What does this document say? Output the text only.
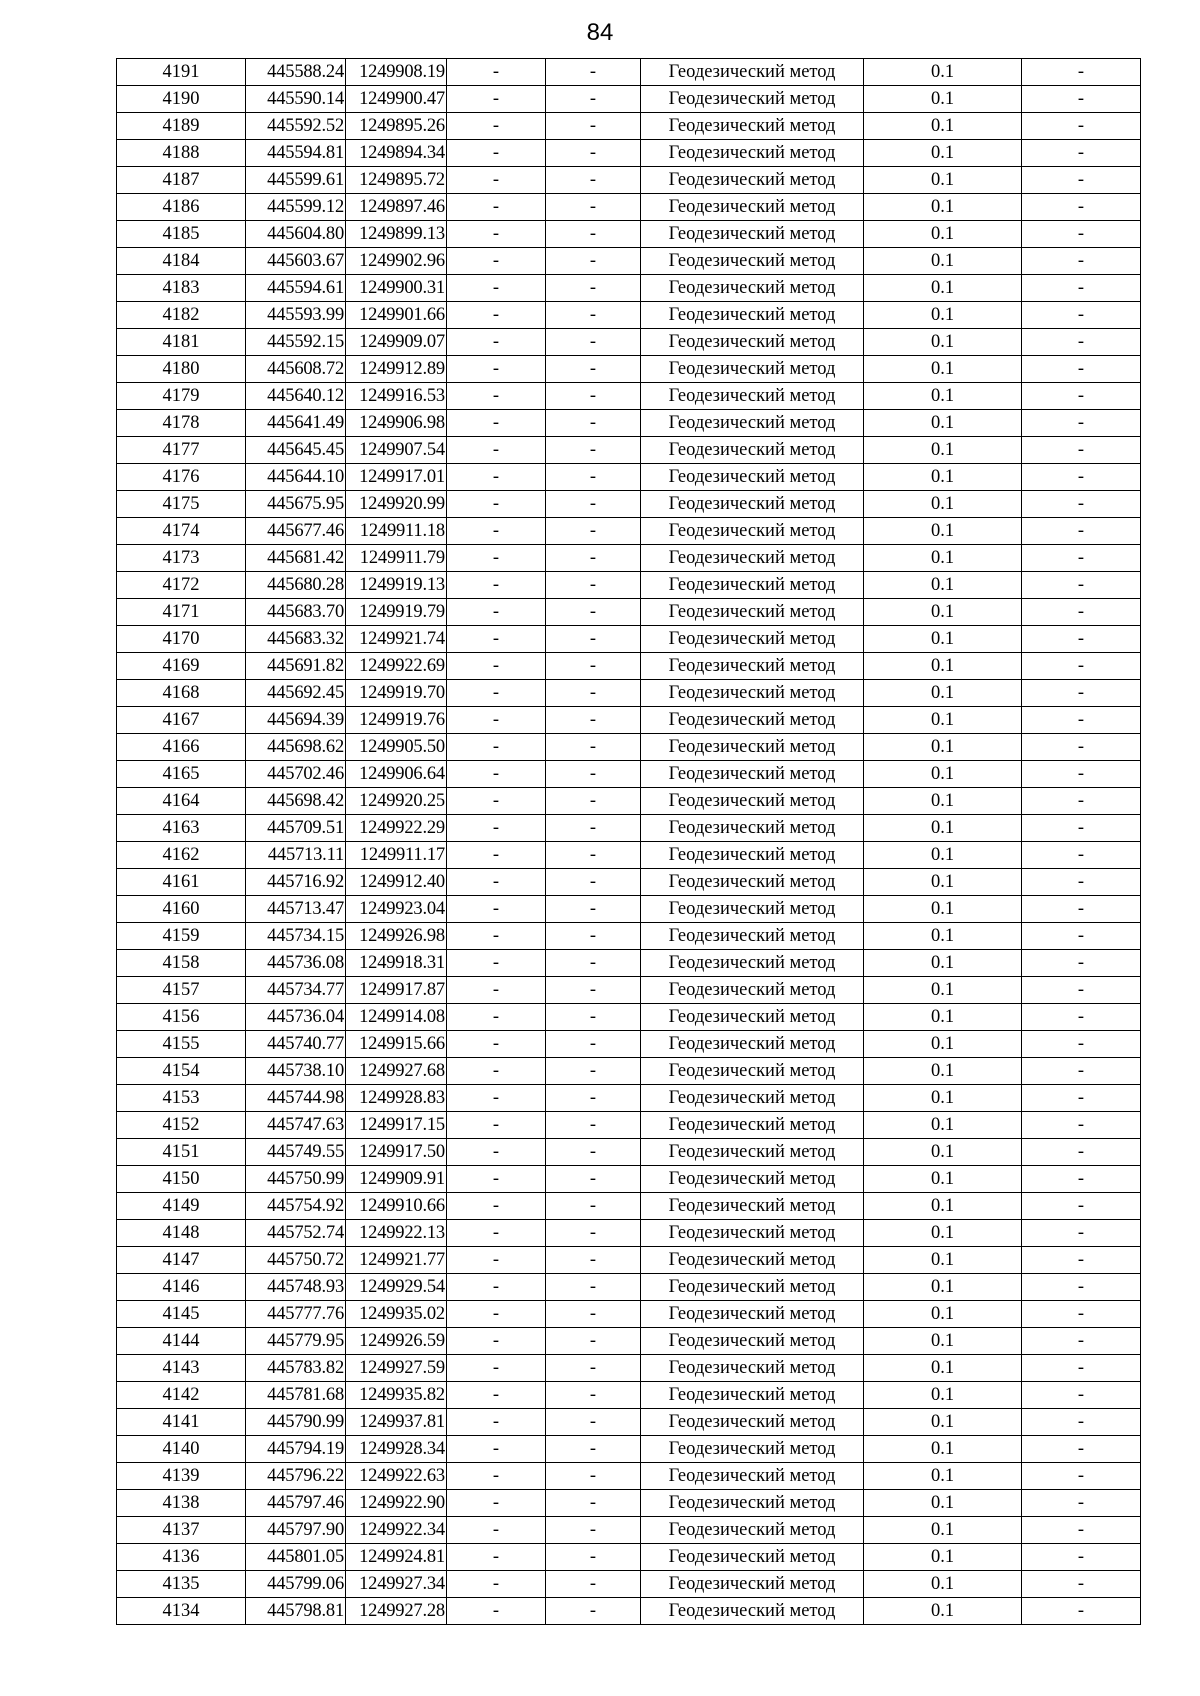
84
4191	445588.24	1249908.19	-	-	Геодезический метод	0.1	-
4190	445590.14	1249900.47	-	-	Геодезический метод	0.1	-
4189	445592.52	1249895.26	-	-	Геодезический метод	0.1	-
4188	445594.81	1249894.34	-	-	Геодезический метод	0.1	-
4187	445599.61	1249895.72	-	-	Геодезический метод	0.1	-
4186	445599.12	1249897.46	-	-	Геодезический метод	0.1	-
4185	445604.80	1249899.13	-	-	Геодезический метод	0.1	-
4184	445603.67	1249902.96	-	-	Геодезический метод	0.1	-
4183	445594.61	1249900.31	-	-	Геодезический метод	0.1	-
4182	445593.99	1249901.66	-	-	Геодезический метод	0.1	-
4181	445592.15	1249909.07	-	-	Геодезический метод	0.1	-
4180	445608.72	1249912.89	-	-	Геодезический метод	0.1	-
4179	445640.12	1249916.53	-	-	Геодезический метод	0.1	-
4178	445641.49	1249906.98	-	-	Геодезический метод	0.1	-
4177	445645.45	1249907.54	-	-	Геодезический метод	0.1	-
4176	445644.10	1249917.01	-	-	Геодезический метод	0.1	-
4175	445675.95	1249920.99	-	-	Геодезический метод	0.1	-
4174	445677.46	1249911.18	-	-	Геодезический метод	0.1	-
4173	445681.42	1249911.79	-	-	Геодезический метод	0.1	-
4172	445680.28	1249919.13	-	-	Геодезический метод	0.1	-
4171	445683.70	1249919.79	-	-	Геодезический метод	0.1	-
4170	445683.32	1249921.74	-	-	Геодезический метод	0.1	-
4169	445691.82	1249922.69	-	-	Геодезический метод	0.1	-
4168	445692.45	1249919.70	-	-	Геодезический метод	0.1	-
4167	445694.39	1249919.76	-	-	Геодезический метод	0.1	-
4166	445698.62	1249905.50	-	-	Геодезический метод	0.1	-
4165	445702.46	1249906.64	-	-	Геодезический метод	0.1	-
4164	445698.42	1249920.25	-	-	Геодезический метод	0.1	-
4163	445709.51	1249922.29	-	-	Геодезический метод	0.1	-
4162	445713.11	1249911.17	-	-	Геодезический метод	0.1	-
4161	445716.92	1249912.40	-	-	Геодезический метод	0.1	-
4160	445713.47	1249923.04	-	-	Геодезический метод	0.1	-
4159	445734.15	1249926.98	-	-	Геодезический метод	0.1	-
4158	445736.08	1249918.31	-	-	Геодезический метод	0.1	-
4157	445734.77	1249917.87	-	-	Геодезический метод	0.1	-
4156	445736.04	1249914.08	-	-	Геодезический метод	0.1	-
4155	445740.77	1249915.66	-	-	Геодезический метод	0.1	-
4154	445738.10	1249927.68	-	-	Геодезический метод	0.1	-
4153	445744.98	1249928.83	-	-	Геодезический метод	0.1	-
4152	445747.63	1249917.15	-	-	Геодезический метод	0.1	-
4151	445749.55	1249917.50	-	-	Геодезический метод	0.1	-
4150	445750.99	1249909.91	-	-	Геодезический метод	0.1	-
4149	445754.92	1249910.66	-	-	Геодезический метод	0.1	-
4148	445752.74	1249922.13	-	-	Геодезический метод	0.1	-
4147	445750.72	1249921.77	-	-	Геодезический метод	0.1	-
4146	445748.93	1249929.54	-	-	Геодезический метод	0.1	-
4145	445777.76	1249935.02	-	-	Геодезический метод	0.1	-
4144	445779.95	1249926.59	-	-	Геодезический метод	0.1	-
4143	445783.82	1249927.59	-	-	Геодезический метод	0.1	-
4142	445781.68	1249935.82	-	-	Геодезический метод	0.1	-
4141	445790.99	1249937.81	-	-	Геодезический метод	0.1	-
4140	445794.19	1249928.34	-	-	Геодезический метод	0.1	-
4139	445796.22	1249922.63	-	-	Геодезический метод	0.1	-
4138	445797.46	1249922.90	-	-	Геодезический метод	0.1	-
4137	445797.90	1249922.34	-	-	Геодезический метод	0.1	-
4136	445801.05	1249924.81	-	-	Геодезический метод	0.1	-
4135	445799.06	1249927.34	-	-	Геодезический метод	0.1	-
4134	445798.81	1249927.28	-	-	Геодезический метод	0.1	-
